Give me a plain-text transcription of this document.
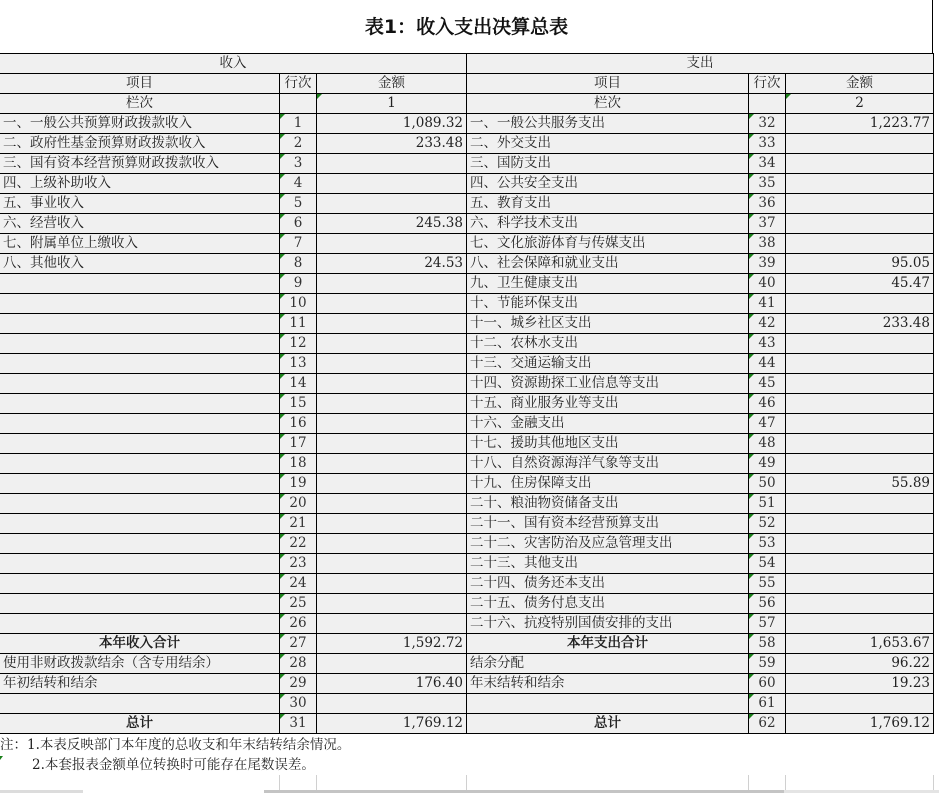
表1：收入支出决算总表
收入			支出		
项目	行次	金额	项目	行次	金额
栏次		1	栏次		2
一、一般公共预算财政拨款收入	1	1,089.32	一、一般公共服务支出	32	1,223.77
二、政府性基金预算财政拨款收入	2	233.48	二、外交支出	33	
三、国有资本经营预算财政拨款收入	3		三、国防支出	34	
四、上级补助收入	4		四、公共安全支出	35	
五、事业收入	5		五、教育支出	36	
六、经营收入	6	245.38	六、科学技术支出	37	
七、附属单位上缴收入	7		七、文化旅游体育与传媒支出	38	
八、其他收入	8	24.53	八、社会保障和就业支出	39	95.05
	9		九、卫生健康支出	40	45.47
	10		十、节能环保支出	41	
	11		十一、城乡社区支出	42	233.48
	12		十二、农林水支出	43	
	13		十三、交通运输支出	44	
	14		十四、资源勘探工业信息等支出	45	
	15		十五、商业服务业等支出	46	
	16		十六、金融支出	47	
	17		十七、援助其他地区支出	48	
	18		十八、自然资源海洋气象等支出	49	
	19		十九、住房保障支出	50	55.89
	20		二十、粮油物资储备支出	51	
	21		二十一、国有资本经营预算支出	52	
	22		二十二、灾害防治及应急管理支出	53	
	23		二十三、其他支出	54	
	24		二十四、债务还本支出	55	
	25		二十五、债务付息支出	56	
	26		二十六、抗疫特别国债安排的支出	57	
本年收入合计	27	1,592.72	本年支出合计	58	1,653.67
使用非财政拨款结余（含专用结余）	28		结余分配	59	96.22
年初结转和结余	29	176.40	年末结转和结余	60	19.23
	30			61	
总计	31	1,769.12	总计	62	1,769.12
注：1.本表反映部门本年度的总收支和年末结转结余情况。
2.本套报表金额单位转换时可能存在尾数误差。
